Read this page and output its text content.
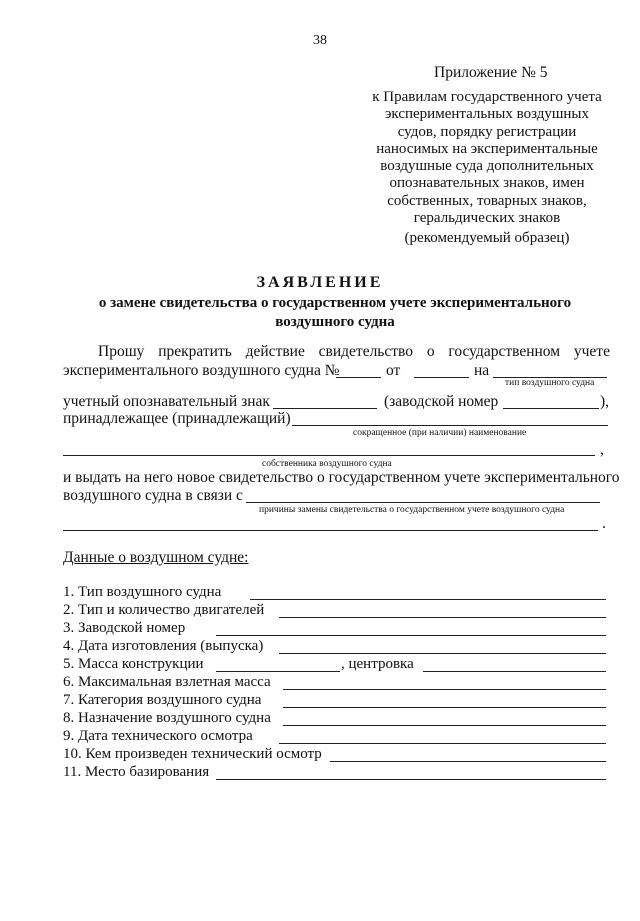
38
Приложение № 5
к Правилам государственного учета
экспериментальных воздушных
судов, порядку регистрации
наносимых на экспериментальные
воздушные суда дополнительных
опознавательных знаков, имен
собственных, товарных знаков,
геральдических знаков
(рекомендуемый образец)
ЗАЯВЛЕНИЕ
о замене свидетельства о государственном учете экспериментального воздушного судна
Прошу прекратить действие свидетельство о государственном учете
экспериментального воздушного судна №	от	на
тип воздушного судна
учетный опознавательный знак	(заводской номер	),
принадлежащее (принадлежащий)
сокращенное (при наличии) наименование
,
собственника воздушного судна
и выдать на него новое свидетельство о государственном учете экспериментального
воздушного судна в связи с
причины замены свидетельства о государственном учете воздушного судна
.
Данные о воздушном судне:
1. Тип воздушного судна
2. Тип и количество двигателей
3. Заводской номер
4. Дата изготовления (выпуска)
5. Масса конструкции	, центровка
6. Максимальная взлетная масса
7. Категория воздушного судна
8. Назначение воздушного судна
9. Дата технического осмотра
10. Кем произведен технический осмотр
11. Место базирования
